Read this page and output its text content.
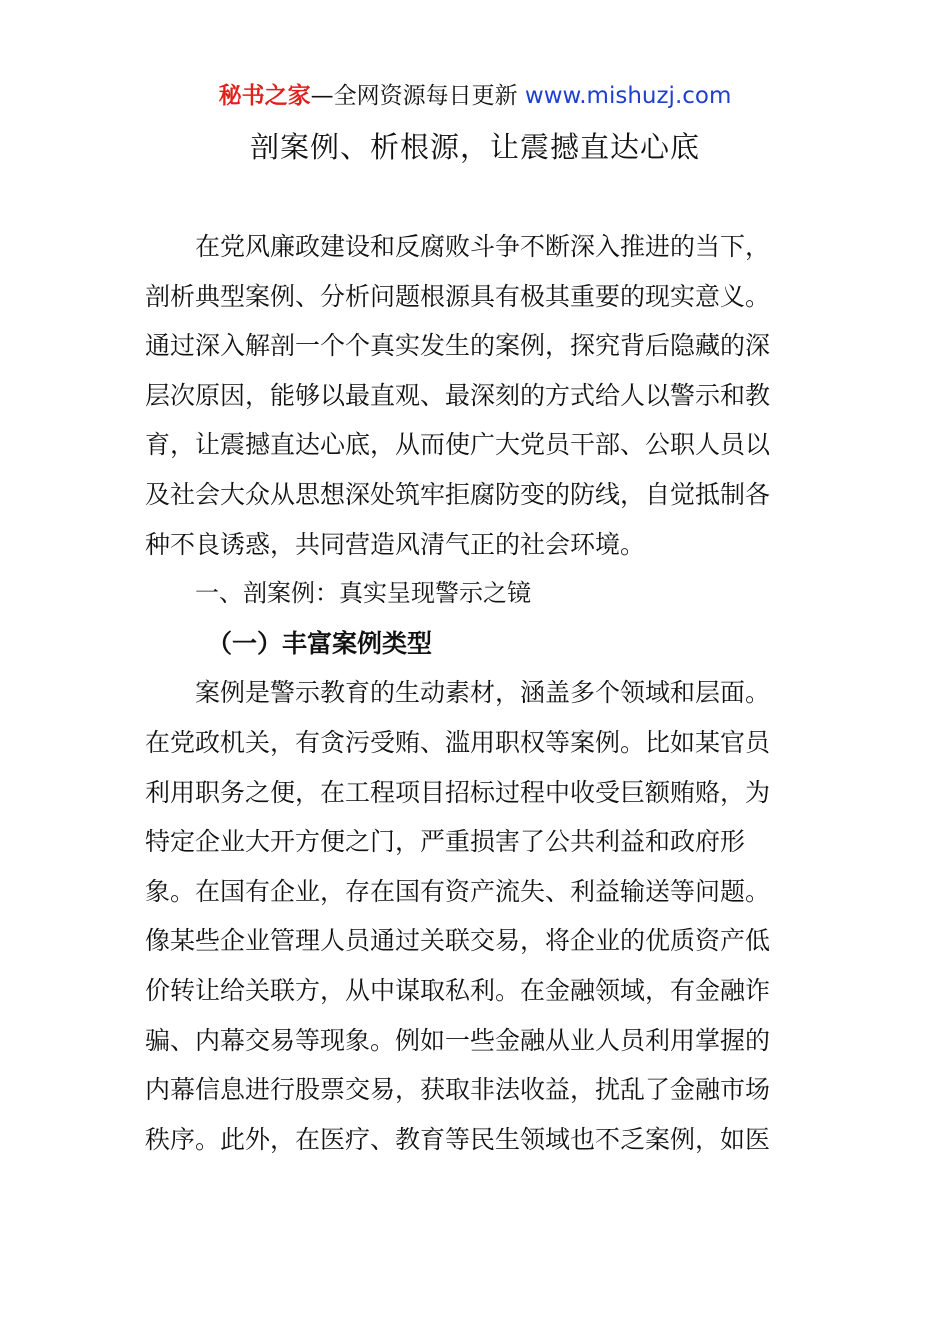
秘书之家—全网资源每日更新 www.mishuzj.com
剖案例、析根源，让震撼直达心底
在党风廉政建设和反腐败斗争不断深入推进的当下，
剖析典型案例、分析问题根源具有极其重要的现实意义。
通过深入解剖一个个真实发生的案例，探究背后隐藏的深
层次原因，能够以最直观、最深刻的方式给人以警示和教
育，让震撼直达心底，从而使广大党员干部、公职人员以
及社会大众从思想深处筑牢拒腐防变的防线，自觉抵制各
种不良诱惑，共同营造风清气正的社会环境。
一、剖案例：真实呈现警示之镜
（一）丰富案例类型
案例是警示教育的生动素材，涵盖多个领域和层面。
在党政机关，有贪污受贿、滥用职权等案例。比如某官员
利用职务之便，在工程项目招标过程中收受巨额贿赂，为
特定企业大开方便之门，严重损害了公共利益和政府形
象。在国有企业，存在国有资产流失、利益输送等问题。
像某些企业管理人员通过关联交易，将企业的优质资产低
价转让给关联方，从中谋取私利。在金融领域，有金融诈
骗、内幕交易等现象。例如一些金融从业人员利用掌握的
内幕信息进行股票交易，获取非法收益，扰乱了金融市场
秩序。此外，在医疗、教育等民生领域也不乏案例，如医
